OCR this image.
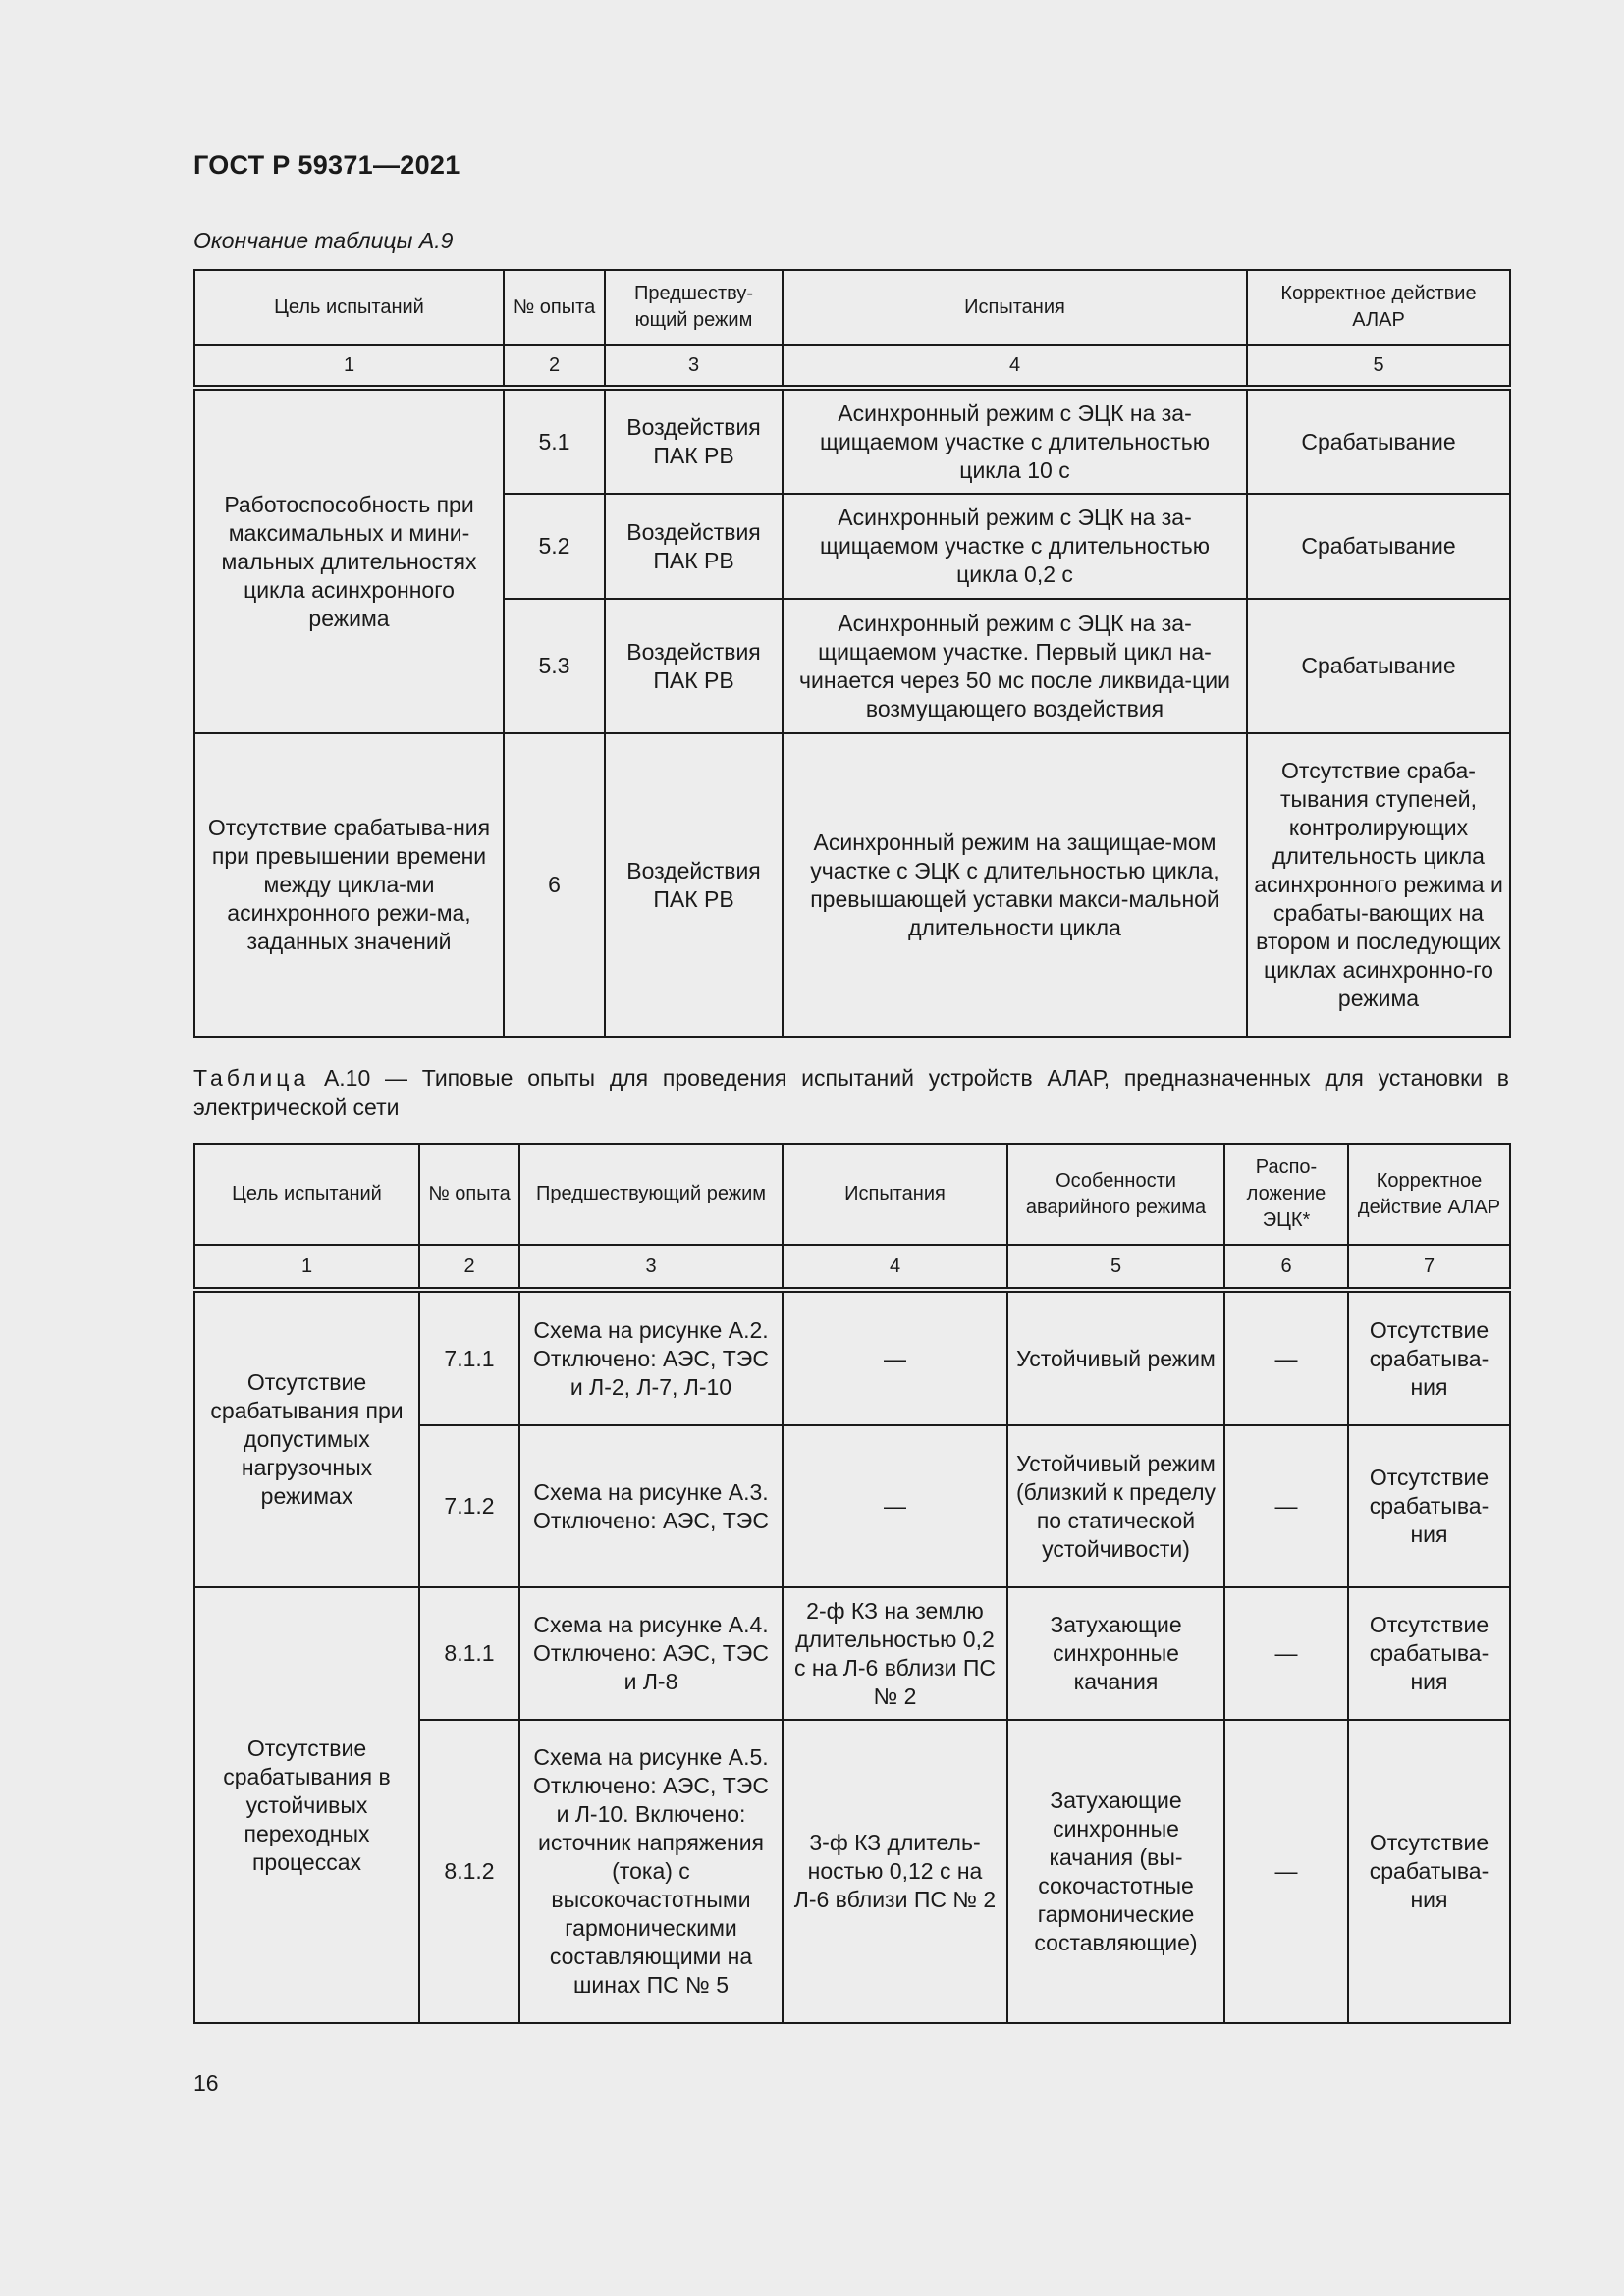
ГОСТ Р 59371—2021
Окончание таблицы А.9
Цель испытаний	№ опыта	Предшеству-ющий режим	Испытания	Корректное действие АЛАР
1	2	3	4	5
Работоспособность при максимальных и мини-мальных длительностях цикла асинхронного режима	5.1	Воздействия ПАК РВ	Асинхронный режим с ЭЦК на за-щищаемом участке с длительностью цикла 10 с	Срабатывание
	5.2	Воздействия ПАК РВ	Асинхронный режим с ЭЦК на за-щищаемом участке с длительностью цикла 0,2 с	Срабатывание
	5.3	Воздействия ПАК РВ	Асинхронный режим с ЭЦК на за-щищаемом участке. Первый цикл на-чинается через 50 мс после ликвида-ции возмущающего воздействия	Срабатывание
Отсутствие срабатыва-ния при превышении времени между цикла-ми асинхронного режи-ма, заданных значений	6	Воздействия ПАК РВ	Асинхронный режим на защищае-мом участке с ЭЦК с длительностью цикла, превышающей уставки макси-мальной длительности цикла	Отсутствие сраба-тывания ступеней, контролирующих длительность цикла асинхронного режима и срабаты-вающих на втором и последующих циклах асинхронно-го режима
Таблица А.10 — Типовые опыты для проведения испытаний устройств АЛАР, предназначенных для установки в электрической сети
Цель испытаний	№ опыта	Предшествующий режим	Испытания	Особенности аварийного режима	Распо-ложение ЭЦК*	Корректное действие АЛАР
1	2	3	4	5	6	7
Отсутствие срабатывания при допустимых нагрузочных режимах	7.1.1	Схема на рисунке А.2. Отключено: АЭС, ТЭС и Л-2, Л-7, Л-10	—	Устойчивый режим	—	Отсутствие срабатыва-ния
	7.1.2	Схема на рисунке А.3. Отключено: АЭС, ТЭС	—	Устойчивый режим (близкий к пределу по статической устойчивости)	—	Отсутствие срабатыва-ния
Отсутствие срабатывания в устойчивых переходных процессах	8.1.1	Схема на рисунке А.4. Отключено: АЭС, ТЭС и Л-8	2-ф КЗ на землю длительностью 0,2 с на Л-6 вблизи ПС № 2	Затухающие синхронные качания	—	Отсутствие срабатыва-ния
	8.1.2	Схема на рисунке А.5. Отключено: АЭС, ТЭС и Л-10. Включено: источник напряжения (тока) с высокочастотными гармоническими составляющими на шинах ПС № 5	3-ф КЗ длитель-ностью 0,12 с на Л-6 вблизи ПС № 2	Затухающие синхронные качания (вы-сокочастотные гармонические составляющие)	—	Отсутствие срабатыва-ния
16
